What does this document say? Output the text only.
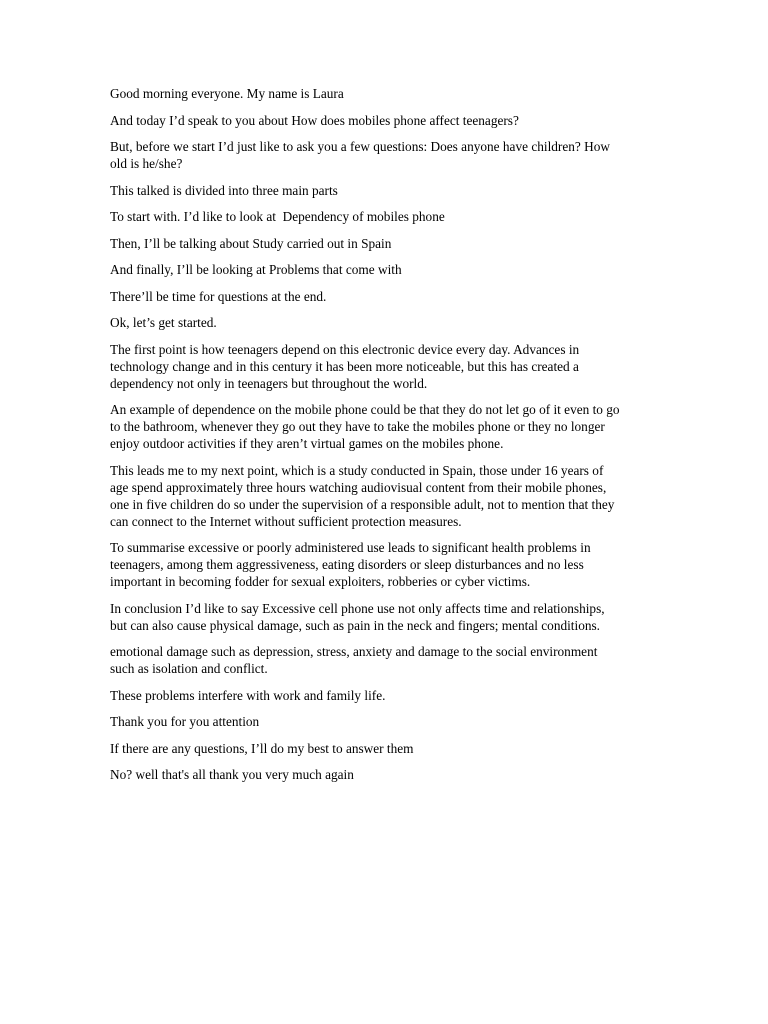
Good morning everyone. My name is Laura

And today I’d speak to you about How does mobiles phone affect teenagers?

But, before we start I’d just like to ask you a few questions: Does anyone have children? How
old is he/she?

This talked is divided into three main parts

To start with. I’d like to look at  Dependency of mobiles phone

Then, I’ll be talking about Study carried out in Spain

And finally, I’ll be looking at Problems that come with

There’ll be time for questions at the end.

Ok, let’s get started.

The first point is how teenagers depend on this electronic device every day. Advances in
technology change and in this century it has been more noticeable, but this has created a
dependency not only in teenagers but throughout the world.

An example of dependence on the mobile phone could be that they do not let go of it even to go
to the bathroom, whenever they go out they have to take the mobiles phone or they no longer
enjoy outdoor activities if they aren’t virtual games on the mobiles phone.

This leads me to my next point, which is a study conducted in Spain, those under 16 years of
age spend approximately three hours watching audiovisual content from their mobile phones,
one in five children do so under the supervision of a responsible adult, not to mention that they
can connect to the Internet without sufficient protection measures.

To summarise excessive or poorly administered use leads to significant health problems in
teenagers, among them aggressiveness, eating disorders or sleep disturbances and no less
important in becoming fodder for sexual exploiters, robberies or cyber victims.

In conclusion I’d like to say Excessive cell phone use not only affects time and relationships,
but can also cause physical damage, such as pain in the neck and fingers; mental conditions.

emotional damage such as depression, stress, anxiety and damage to the social environment
such as isolation and conflict.

These problems interfere with work and family life.

Thank you for you attention

If there are any questions, I’ll do my best to answer them

No? well that's all thank you very much again
